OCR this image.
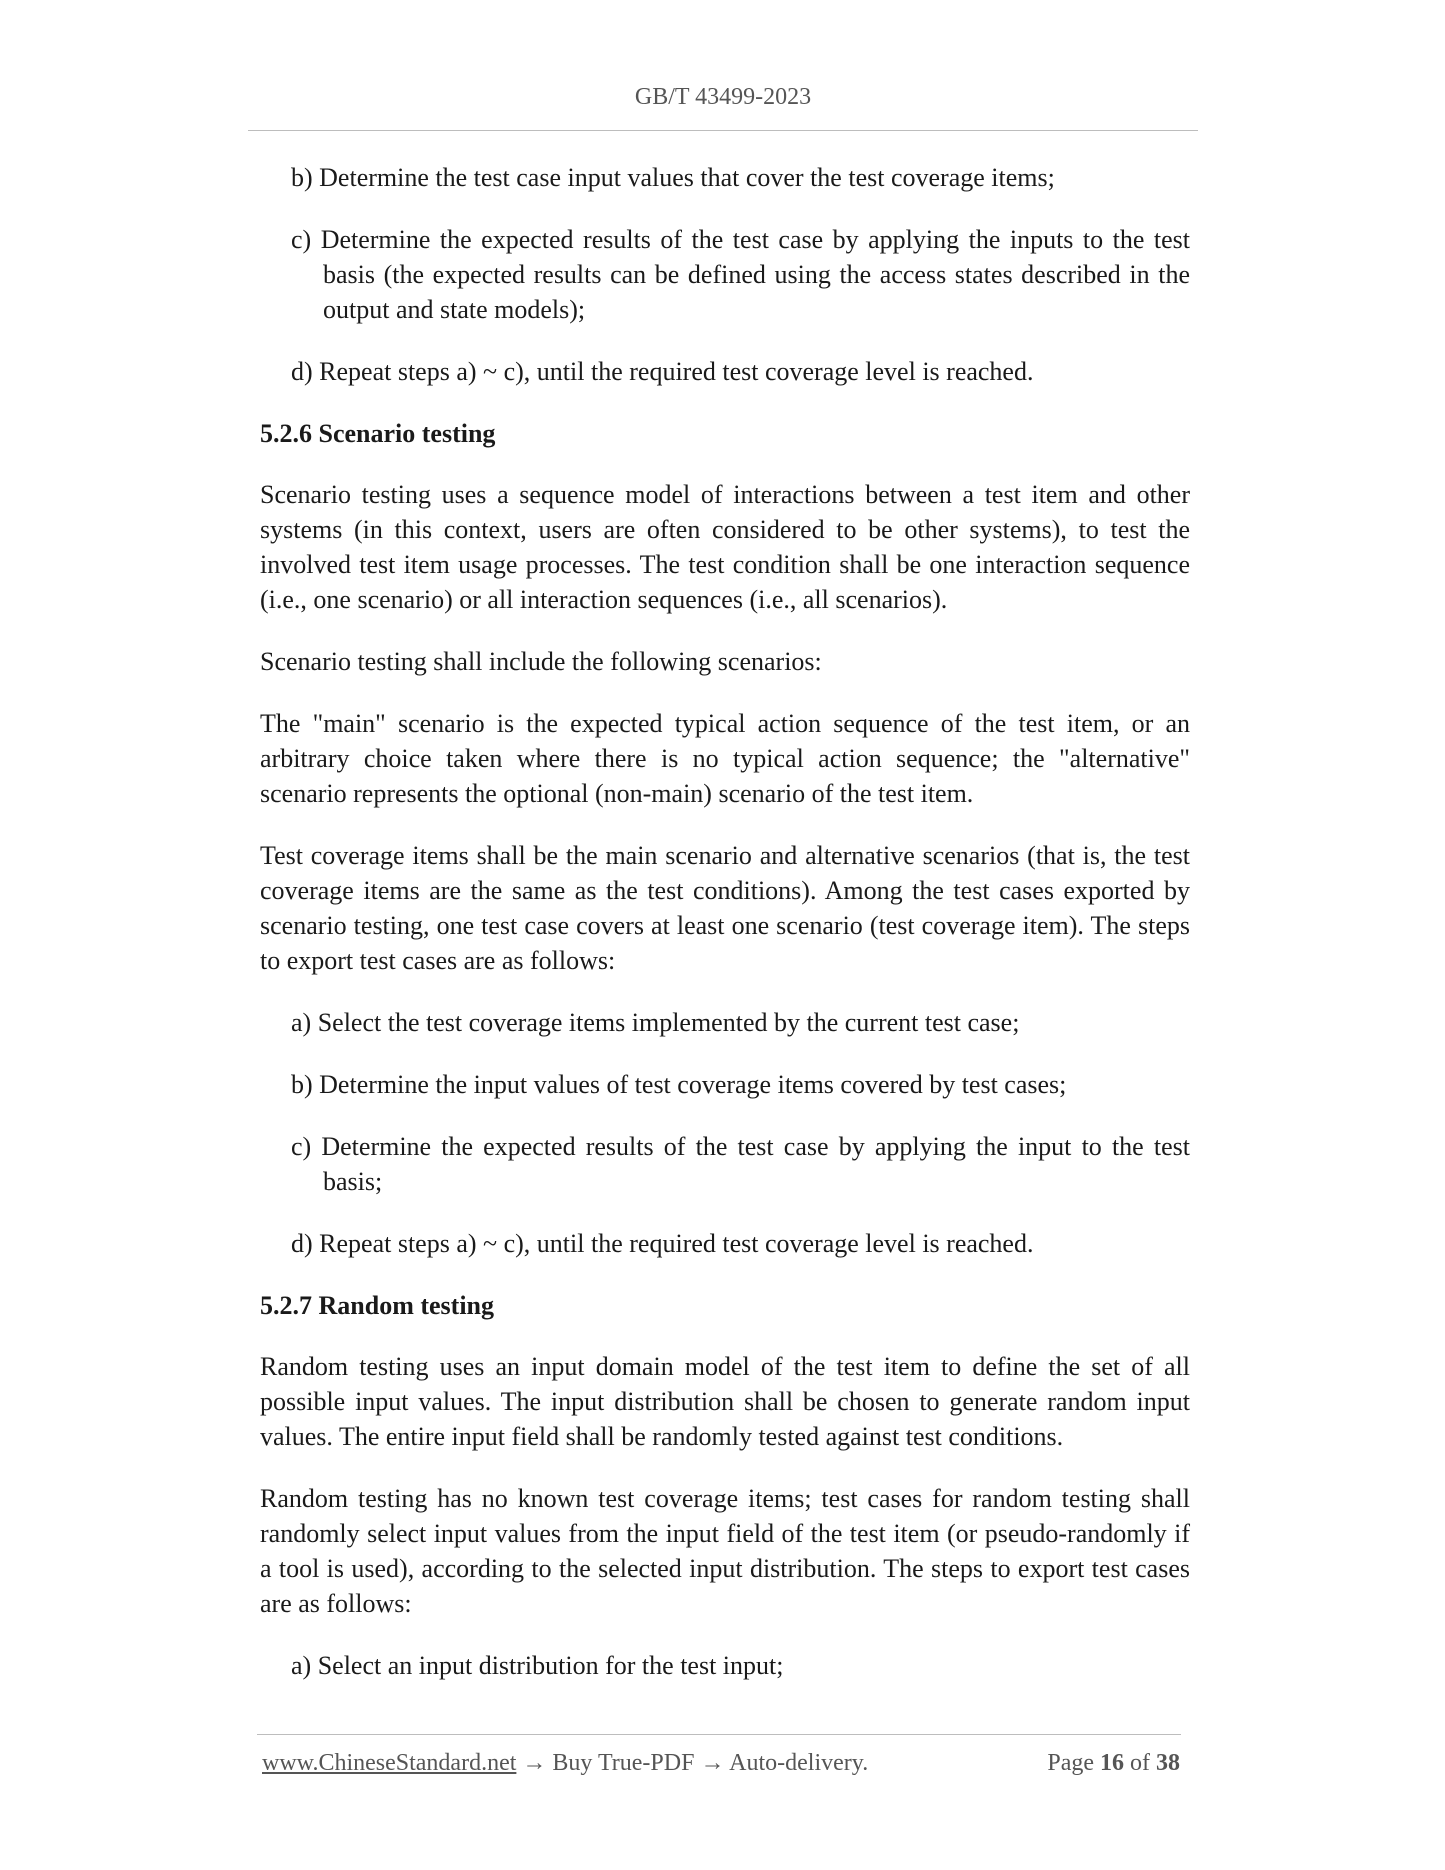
GB/T 43499-2023
b) Determine the test case input values that cover the test coverage items;
c) Determine the expected results of the test case by applying the inputs to the test basis (the expected results can be defined using the access states described in the output and state models);
d) Repeat steps a) ~ c), until the required test coverage level is reached.
5.2.6 Scenario testing
Scenario testing uses a sequence model of interactions between a test item and other systems (in this context, users are often considered to be other systems), to test the involved test item usage processes. The test condition shall be one interaction sequence (i.e., one scenario) or all interaction sequences (i.e., all scenarios).
Scenario testing shall include the following scenarios:
The "main" scenario is the expected typical action sequence of the test item, or an arbitrary choice taken where there is no typical action sequence; the "alternative" scenario represents the optional (non-main) scenario of the test item.
Test coverage items shall be the main scenario and alternative scenarios (that is, the test coverage items are the same as the test conditions). Among the test cases exported by scenario testing, one test case covers at least one scenario (test coverage item). The steps to export test cases are as follows:
a) Select the test coverage items implemented by the current test case;
b) Determine the input values of test coverage items covered by test cases;
c) Determine the expected results of the test case by applying the input to the test basis;
d) Repeat steps a) ~ c), until the required test coverage level is reached.
5.2.7 Random testing
Random testing uses an input domain model of the test item to define the set of all possible input values. The input distribution shall be chosen to generate random input values. The entire input field shall be randomly tested against test conditions.
Random testing has no known test coverage items; test cases for random testing shall randomly select input values from the input field of the test item (or pseudo-randomly if a tool is used), according to the selected input distribution. The steps to export test cases are as follows:
a) Select an input distribution for the test input;
www.ChineseStandard.net → Buy True-PDF → Auto-delivery.	Page 16 of 38
